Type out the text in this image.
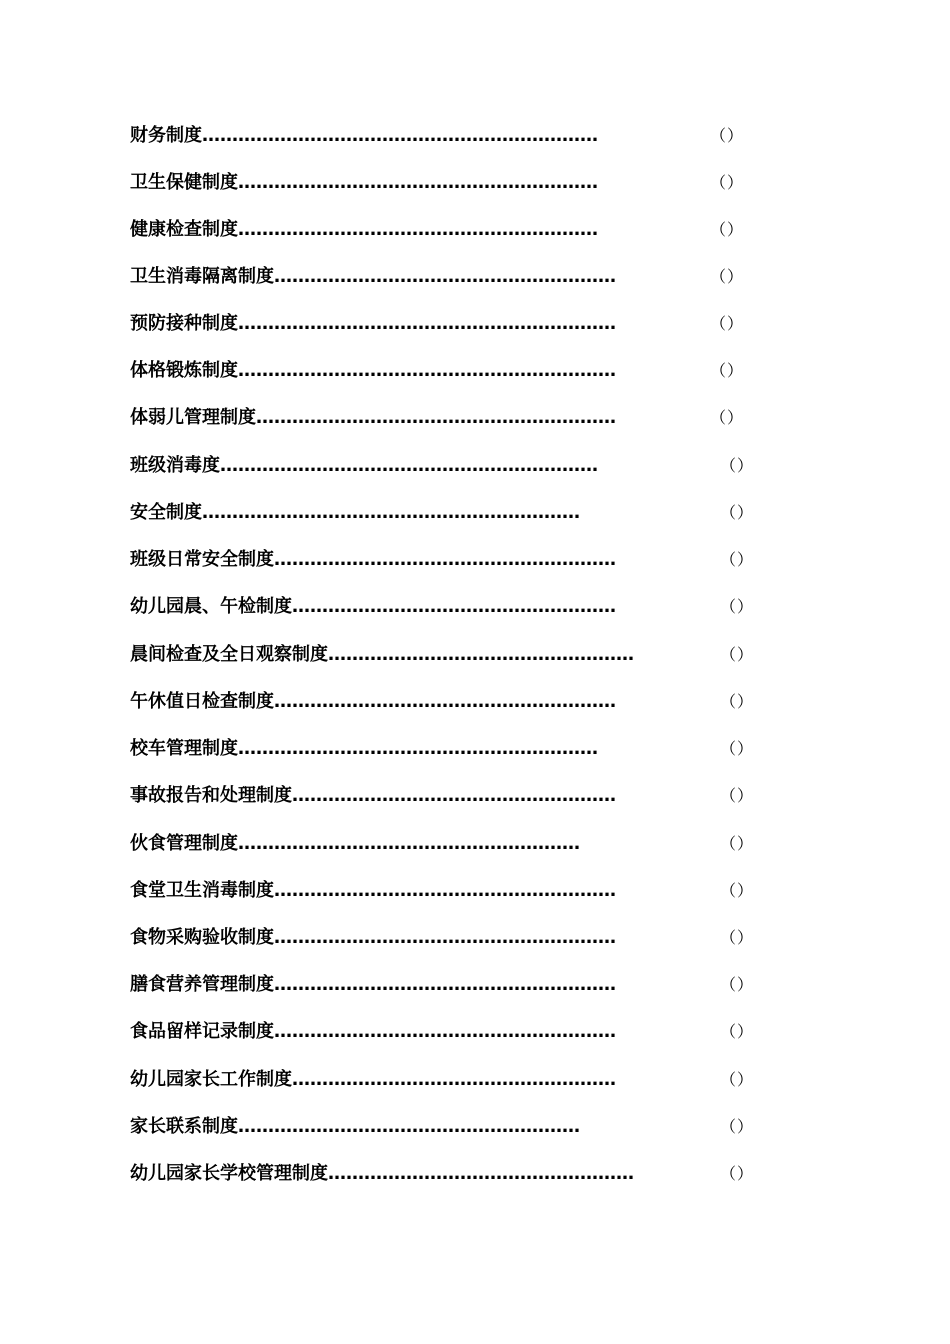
财务制度…………………………………………………………	（）
卫生保健制度……………………………………………………	（）
健康检查制度……………………………………………………	（）
卫生消毒隔离制度…………………………………………………	（）
预防接种制度………………………………………………………	（）
体格锻炼制度………………………………………………………	（）
体弱儿管理制度……………………………………………………	（）
班级消毒度………………………………………………………	（）
安全制度………………………………………………………	（）
班级日常安全制度…………………………………………………	（）
幼儿园晨、午检制度………………………………………………	（）
晨间检查及全日观察制度……………………………………………	（）
午休值日检查制度…………………………………………………	（）
校车管理制度……………………………………………………	（）
事故报告和处理制度………………………………………………	（）
伙食管理制度…………………………………………………	（）
食堂卫生消毒制度…………………………………………………	（）
食物采购验收制度…………………………………………………	（）
膳食营养管理制度…………………………………………………	（）
食品留样记录制度…………………………………………………	（）
幼儿园家长工作制度………………………………………………	（）
家长联系制度…………………………………………………	（）
幼儿园家长学校管理制度……………………………………………	（）
